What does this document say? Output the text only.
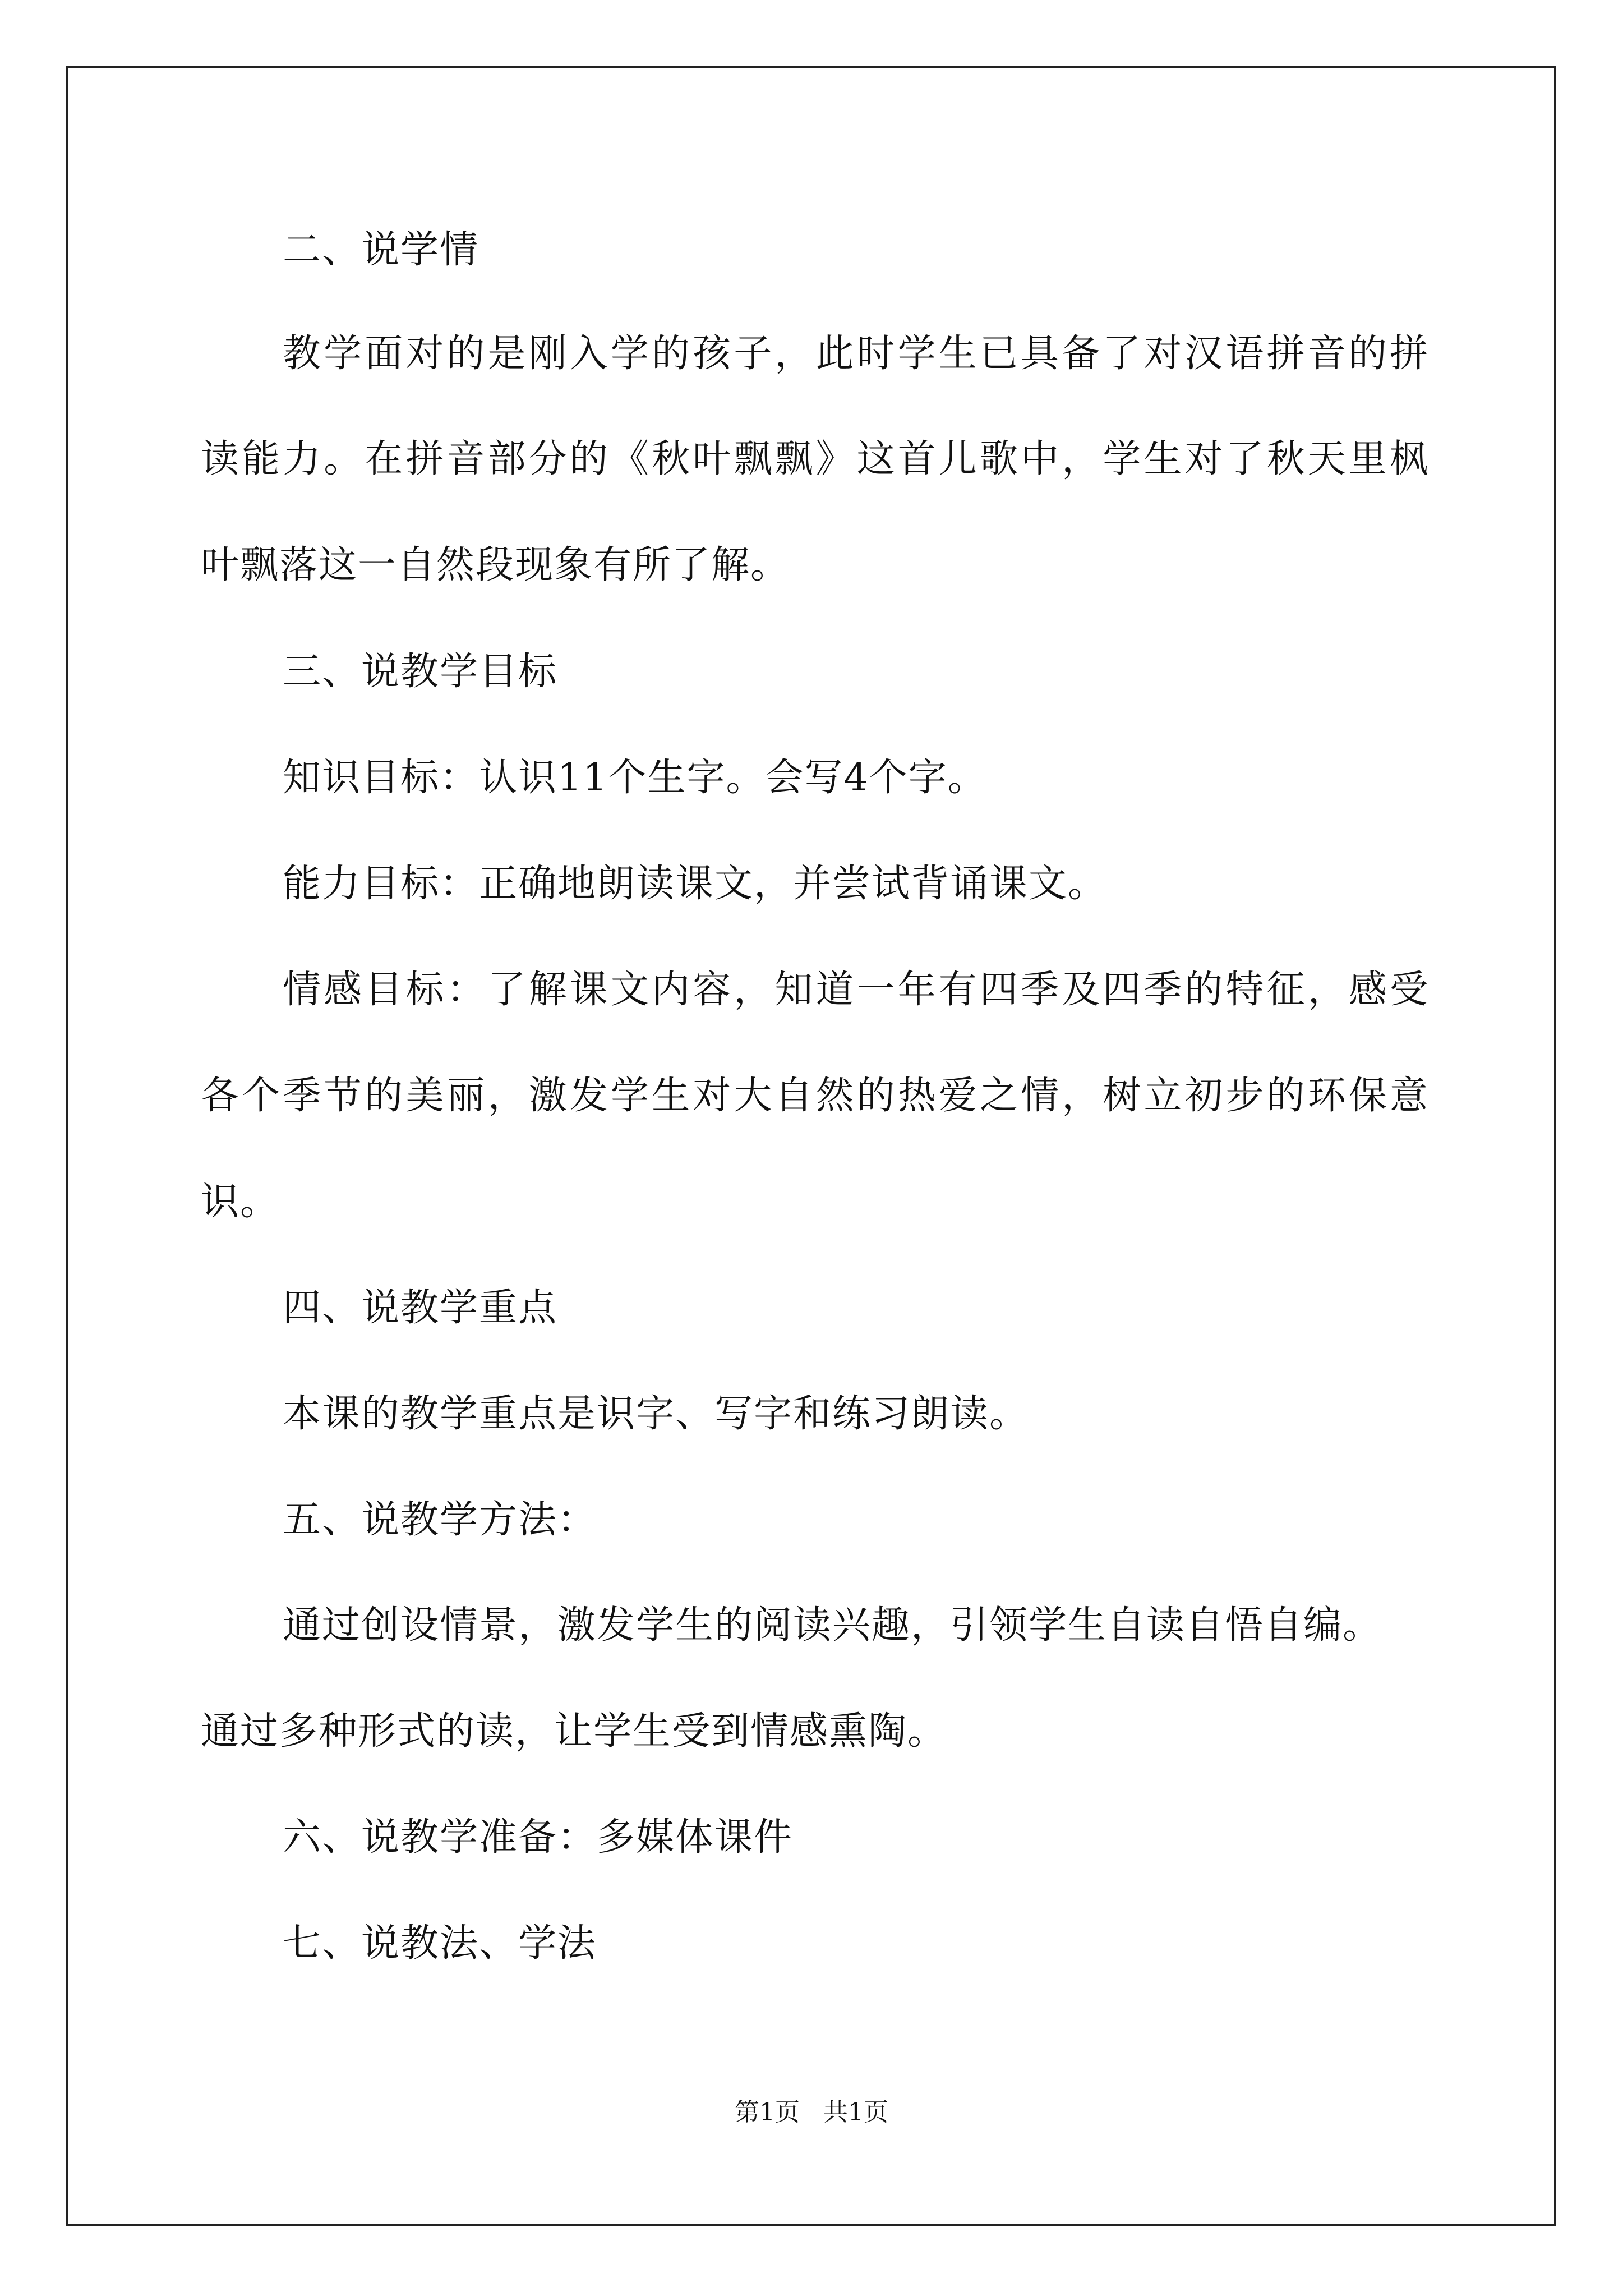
二、说学情
教学面对的是刚入学的孩子，此时学生已具备了对汉语拼音的拼
读能力。在拼音部分的《秋叶飘飘》这首儿歌中，学生对了秋天里枫
叶飘落这一自然段现象有所了解。
三、说教学目标
知识目标：认识11个生字。会写4个字。
能力目标：正确地朗读课文，并尝试背诵课文。
情感目标：了解课文内容，知道一年有四季及四季的特征，感受
各个季节的美丽，激发学生对大自然的热爱之情，树立初步的环保意
识。
四、说教学重点
本课的教学重点是识字、写字和练习朗读。
五、说教学方法：
通过创设情景，激发学生的阅读兴趣，引领学生自读自悟自编。
通过多种形式的读，让学生受到情感熏陶。
六、说教学准备：多媒体课件
七、说教法、学法
第1页   共1页
